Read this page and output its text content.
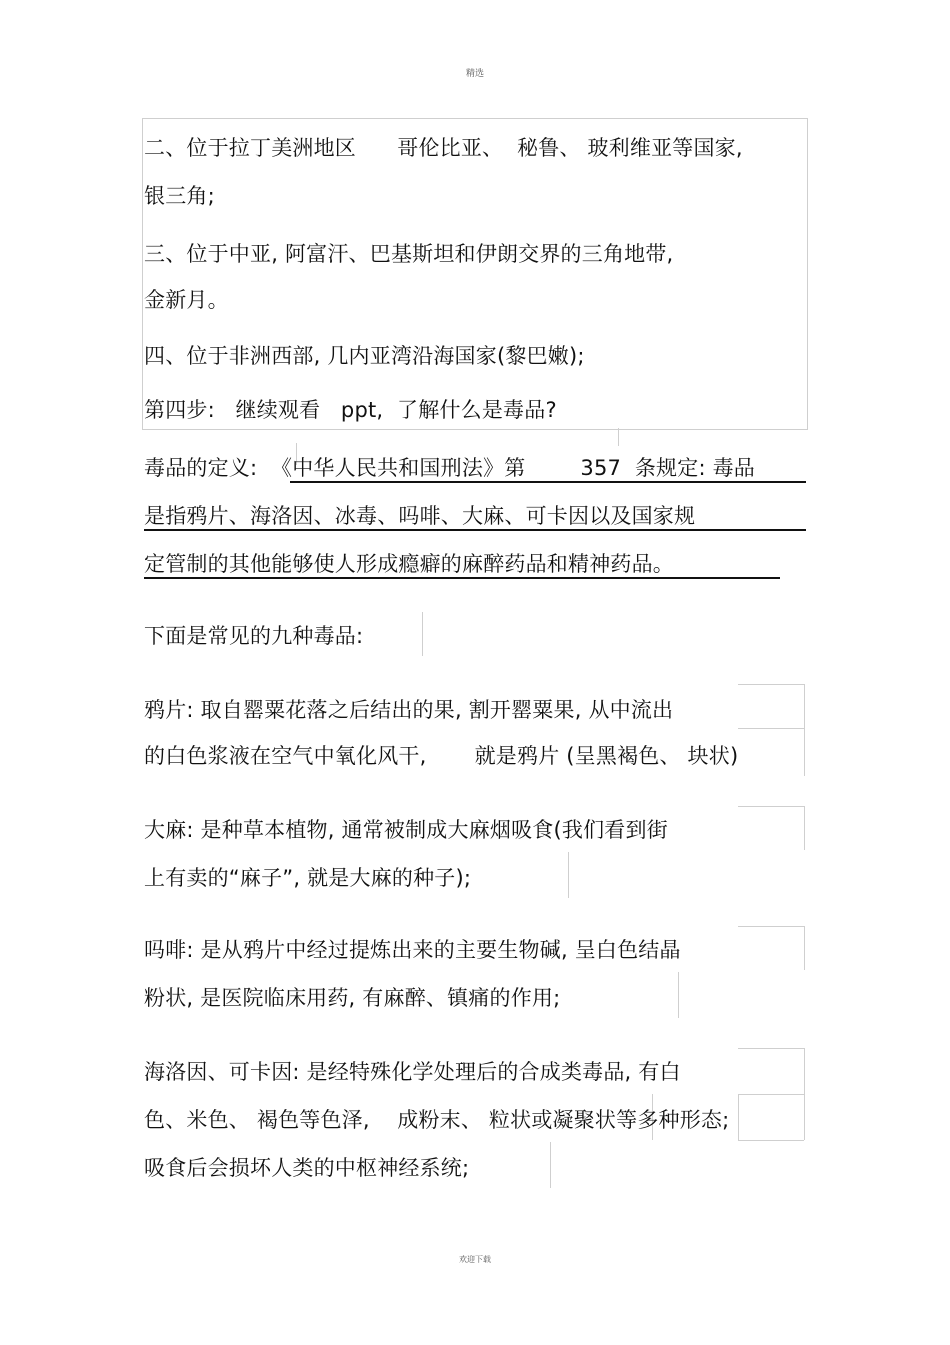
精选
二、位于拉丁美洲地区      哥伦比亚、  秘鲁、 玻利维亚等国家,
银三角;
三、位于中亚, 阿富汗、巴基斯坦和伊朗交界的三角地带,
金新月。
四、位于非洲西部, 几内亚湾沿海国家(黎巴嫩);
第四步:   继续观看   ppt,  了解什么是毒品?
毒品的定义:  《中华人民共和国刑法》第        357  条规定: 毒品
是指鸦片、海洛因、冰毒、吗啡、大麻、可卡因以及国家规
定管制的其他能够使人形成瘾癖的麻醉药品和精神药品。
下面是常见的九种毒品:
鸦片: 取自罂粟花落之后结出的果, 割开罂粟果, 从中流出
的白色浆液在空气中氧化风干,       就是鸦片 (呈黑褐色、 块状)
大麻: 是种草本植物, 通常被制成大麻烟吸食(我们看到街
上有卖的“麻子”, 就是大麻的种子);
吗啡: 是从鸦片中经过提炼出来的主要生物碱, 呈白色结晶
粉状, 是医院临床用药, 有麻醉、镇痛的作用;
海洛因、可卡因: 是经特殊化学处理后的合成类毒品, 有白
色、米色、 褐色等色泽,    成粉末、 粒状或凝聚状等多种形态;
吸食后会损坏人类的中枢神经系统;
欢迎下载
